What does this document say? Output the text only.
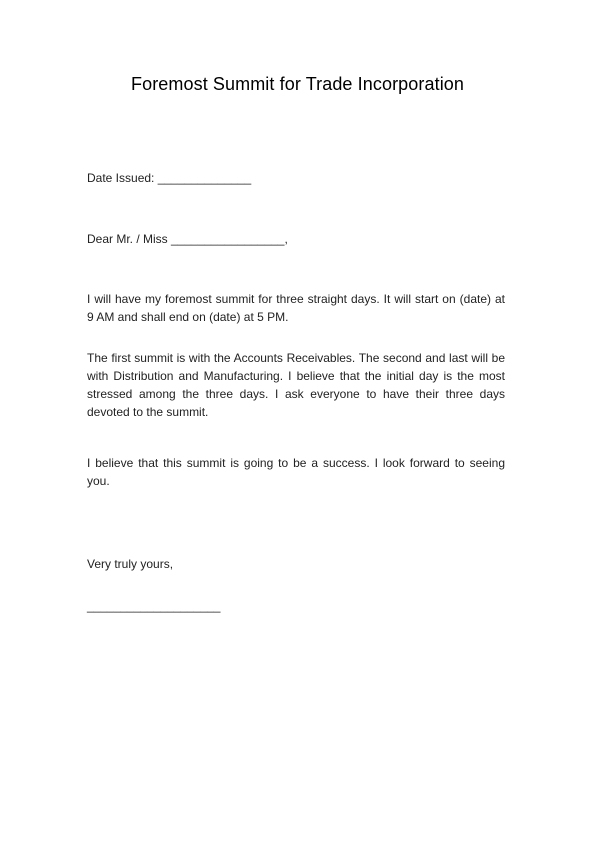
Foremost Summit for Trade Incorporation
Date Issued: ______________
Dear Mr. / Miss _________________,
I will have my foremost summit for three straight days. It will start on (date) at 9 AM and shall end on (date) at 5 PM.
The first summit is with the Accounts Receivables. The second and last will be with Distribution and Manufacturing. I believe that the initial day is the most stressed among the three days. I ask everyone to have their three days devoted to the summit.
I believe that this summit is going to be a success. I look forward to seeing you.
Very truly yours,
____________________
